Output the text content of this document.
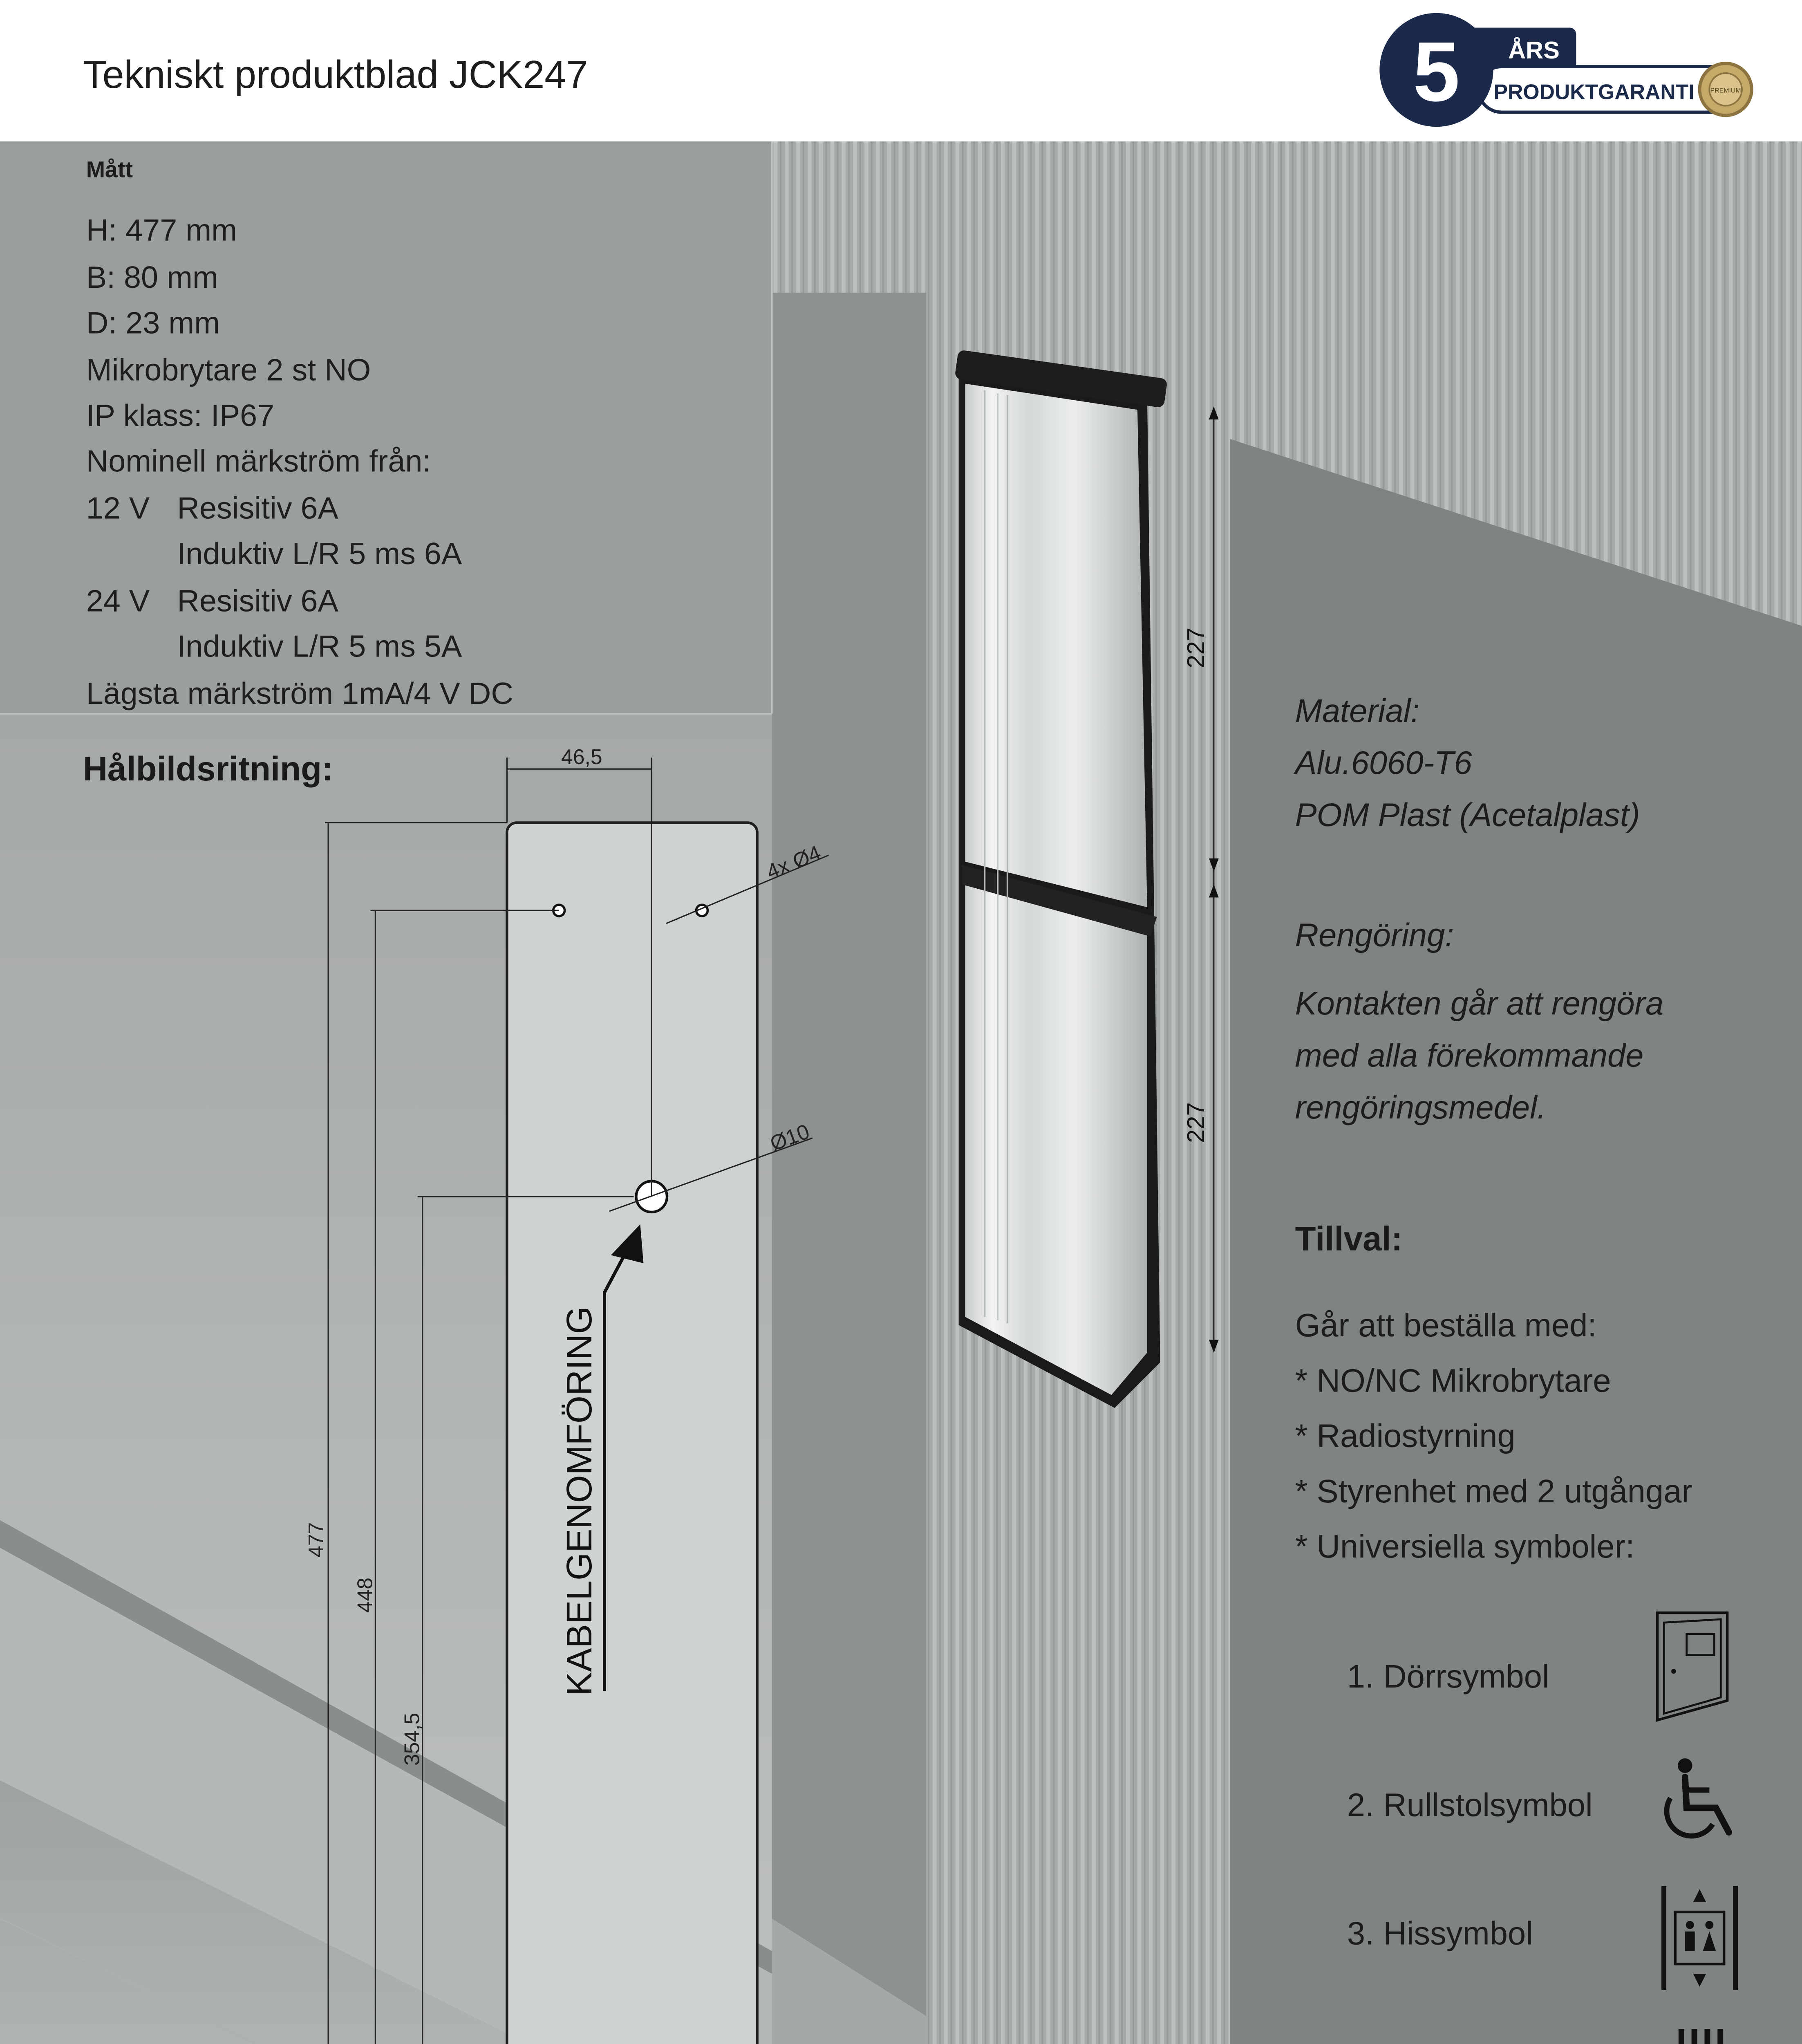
Tekniskt produktblad JCK247	5	ÅRS
PRODUKTGARANTI	PREMIUM
Mått
H: 477 mm
B: 80 mm
D: 23 mm
Mikrobrytare 2 st NO
IP klass: IP67
Nominell märkström från:
12 V	Resisitiv 6A
Induktiv L/R 5 ms 6A
24 V	Resisitiv 6A
Induktiv L/R 5 ms 5A
Lägsta märkström 1mA/4 V DC
Hålbildsritning:
KABELGENOMFÖRING
46,5
4x Ø4
Ø10
477
448
354,5
227
227
Material:
Alu.6060-T6
POM Plast (Acetalplast)
Rengöring:
Kontakten går att rengöra
med alla förekommande
rengöringsmedel.
Tillval:
Går att beställa med:
* NO/NC Mikrobrytare
* Radiostyrning
* Styrenhet med 2 utgångar
* Universiella symboler:
1. Dörrsymbol
2. Rullstolsymbol
3. Hissymbol
